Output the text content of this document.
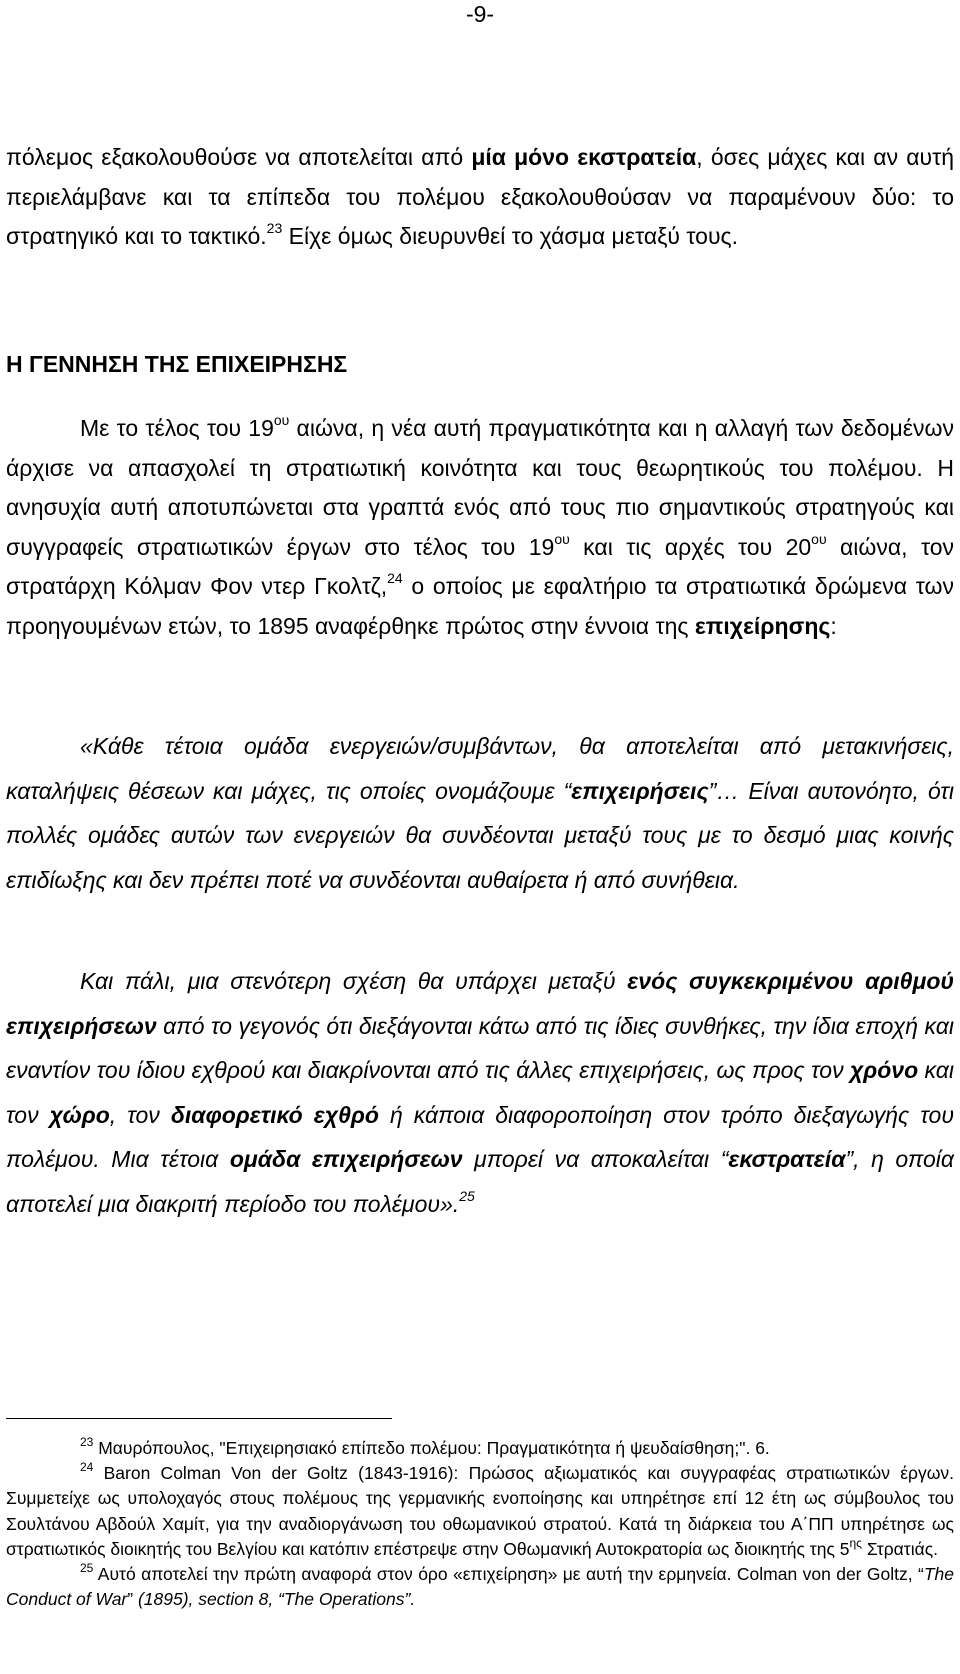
-9-

πόλεμος εξακολουθούσε να αποτελείται από μία μόνο εκστρατεία, όσες μάχες και αν αυτή περιελάμβανε και τα επίπεδα του πολέμου εξακολουθούσαν να παραμένουν δύο: το στρατηγικό και το τακτικό.$^{23}$ Είχε όμως διευρυνθεί το χάσμα μεταξύ τους.

Η ΓΕΝΝΗΣΗ ΤΗΣ ΕΠΙΧΕΙΡΗΣΗΣ

Με το τέλος του $19^{o\upsilon}$ αιώνα, η νέα αυτή πραγματικότητα και η αλλαγή των δεδομένων άρχισε να απασχολεί τη στρατιωτική κοινότητα και τους θεωρητικούς του πολέμου. Η ανησυχία αυτή αποτυπώνεται στα γραπτά ενός από τους πιο σημαντικούς στρατηγούς και συγγραφείς στρατιωτικών έργων στο τέλος του $19^{o\upsilon}$ και τις αρχές του $20^{o\upsilon}$ αιώνα, τον στρατάρχη Κόλμαν Φον ντερ Γκολτζ,$^{24}$ ο οποίος με εφαλτήριο τα στρατιωτικά δρώμενα των προηγουμένων ετών, το 1895 αναφέρθηκε πρώτος στην έννοια της επιχείρησης:

«Κάθε τέτοια ομάδα ενεργειών/συμβάντων, θα αποτελείται από μετακινήσεις, καταλήψεις θέσεων και μάχες, τις οποίες ονομάζουμε “επιχειρήσεις”… Είναι αυτονόητο, ότι πολλές ομάδες αυτών των ενεργειών θα συνδέονται μεταξύ τους με το δεσμό μιας κοινής επιδίωξης και δεν πρέπει ποτέ να συνδέονται αυθαίρετα ή από συνήθεια.

Και πάλι, μια στενότερη σχέση θα υπάρχει μεταξύ ενός συγκεκριμένου αριθμού επιχειρήσεων από το γεγονός ότι διεξάγονται κάτω από τις ίδιες συνθήκες, την ίδια εποχή και εναντίον του ίδιου εχθρού και διακρίνονται από τις άλλες επιχειρήσεις, ως προς τον χρόνο και τον χώρο, τον διαφορετικό εχθρό ή κάποια διαφοροποίηση στον τρόπο διεξαγωγής του πολέμου. Μια τέτοια ομάδα επιχειρήσεων μπορεί να αποκαλείται “εκστρατεία”, η οποία αποτελεί μια διακριτή περίοδο του πολέμου».$^{25}$

$^{23}$ Μαυρόπουλος, "Επιχειρησιακό επίπεδο πολέμου: Πραγματικότητα ή ψευδαίσθηση;". 6.
$^{24}$ Baron Colman Von der Goltz (1843-1916): Πρώσος αξιωματικός και συγγραφέας στρατιωτικών έργων. Συμμετείχε ως υπολοχαγός στους πολέμους της γερμανικής ενοποίησης και υπηρέτησε επί 12 έτη ως σύμβουλος του Σουλτάνου Αβδούλ Χαμίτ, για την αναδιοργάνωση του οθωμανικού στρατού. Κατά τη διάρκεια του Α΄ΠΠ υπηρέτησε ως στρατιωτικός διοικητής του Βελγίου και κατόπιν επέστρεψε στην Οθωμανική Αυτοκρατορία ως διοικητής της $5^{\eta\varsigma}$ Στρατιάς.
$^{25}$ Αυτό αποτελεί την πρώτη αναφορά στον όρο «επιχείρηση» με αυτή την ερμηνεία. Colman von der Goltz, “The Conduct of War” (1895), section 8, “The Operations”.
